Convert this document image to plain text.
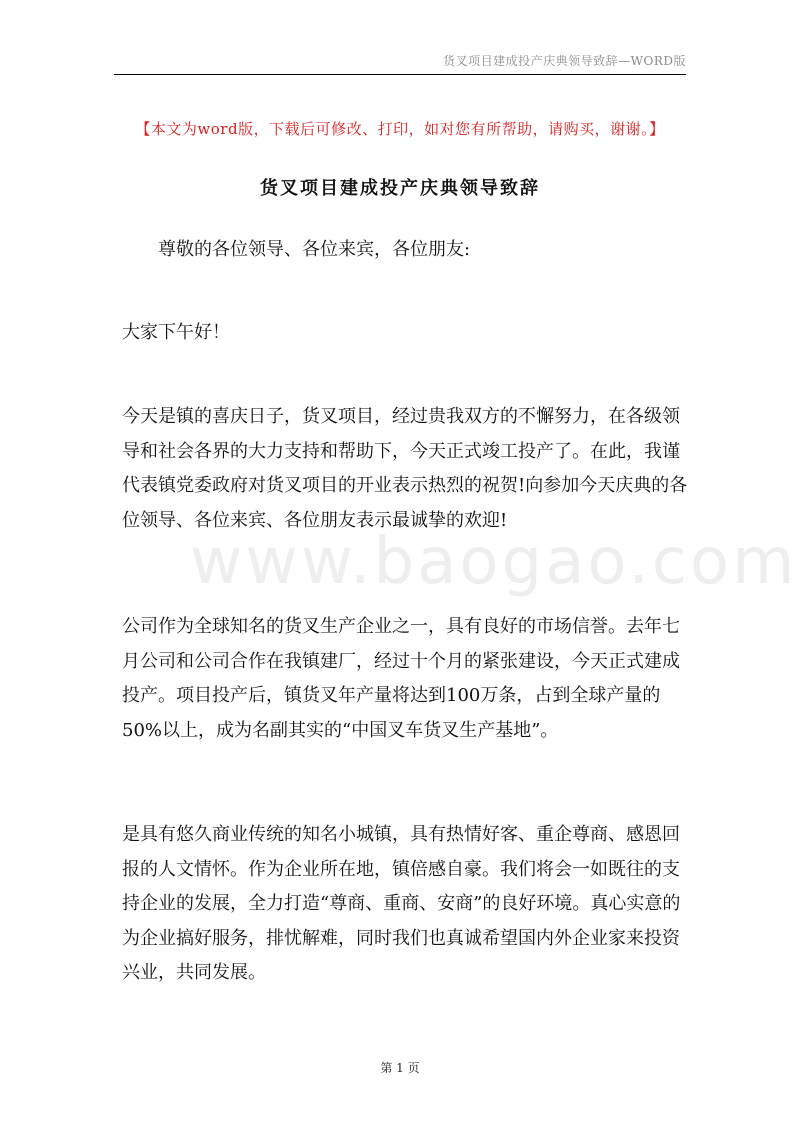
货叉项目建成投产庆典领导致辞—WORD版
【本文为word版，下载后可修改、打印，如对您有所帮助，请购买，谢谢。】
货叉项目建成投产庆典领导致辞
尊敬的各位领导、各位来宾，各位朋友:
大家下午好！
今天是镇的喜庆日子，货叉项目，经过贵我双方的不懈努力，在各级领导和社会各界的大力支持和帮助下，今天正式竣工投产了。在此，我谨代表镇党委政府对货叉项目的开业表示热烈的祝贺!向参加今天庆典的各位领导、各位来宾、各位朋友表示最诚挚的欢迎!
公司作为全球知名的货叉生产企业之一，具有良好的市场信誉。去年七月公司和公司合作在我镇建厂，经过十个月的紧张建设，今天正式建成投产。项目投产后，镇货叉年产量将达到100万条，占到全球产量的50%以上，成为名副其实的“中国叉车货叉生产基地”。
是具有悠久商业传统的知名小城镇，具有热情好客、重企尊商、感恩回报的人文情怀。作为企业所在地，镇倍感自豪。我们将会一如既往的支持企业的发展，全力打造“尊商、重商、安商”的良好环境。真心实意的为企业搞好服务，排忧解难，同时我们也真诚希望国内外企业家来投资兴业，共同发展。
www.baogao.com
第 1 页
